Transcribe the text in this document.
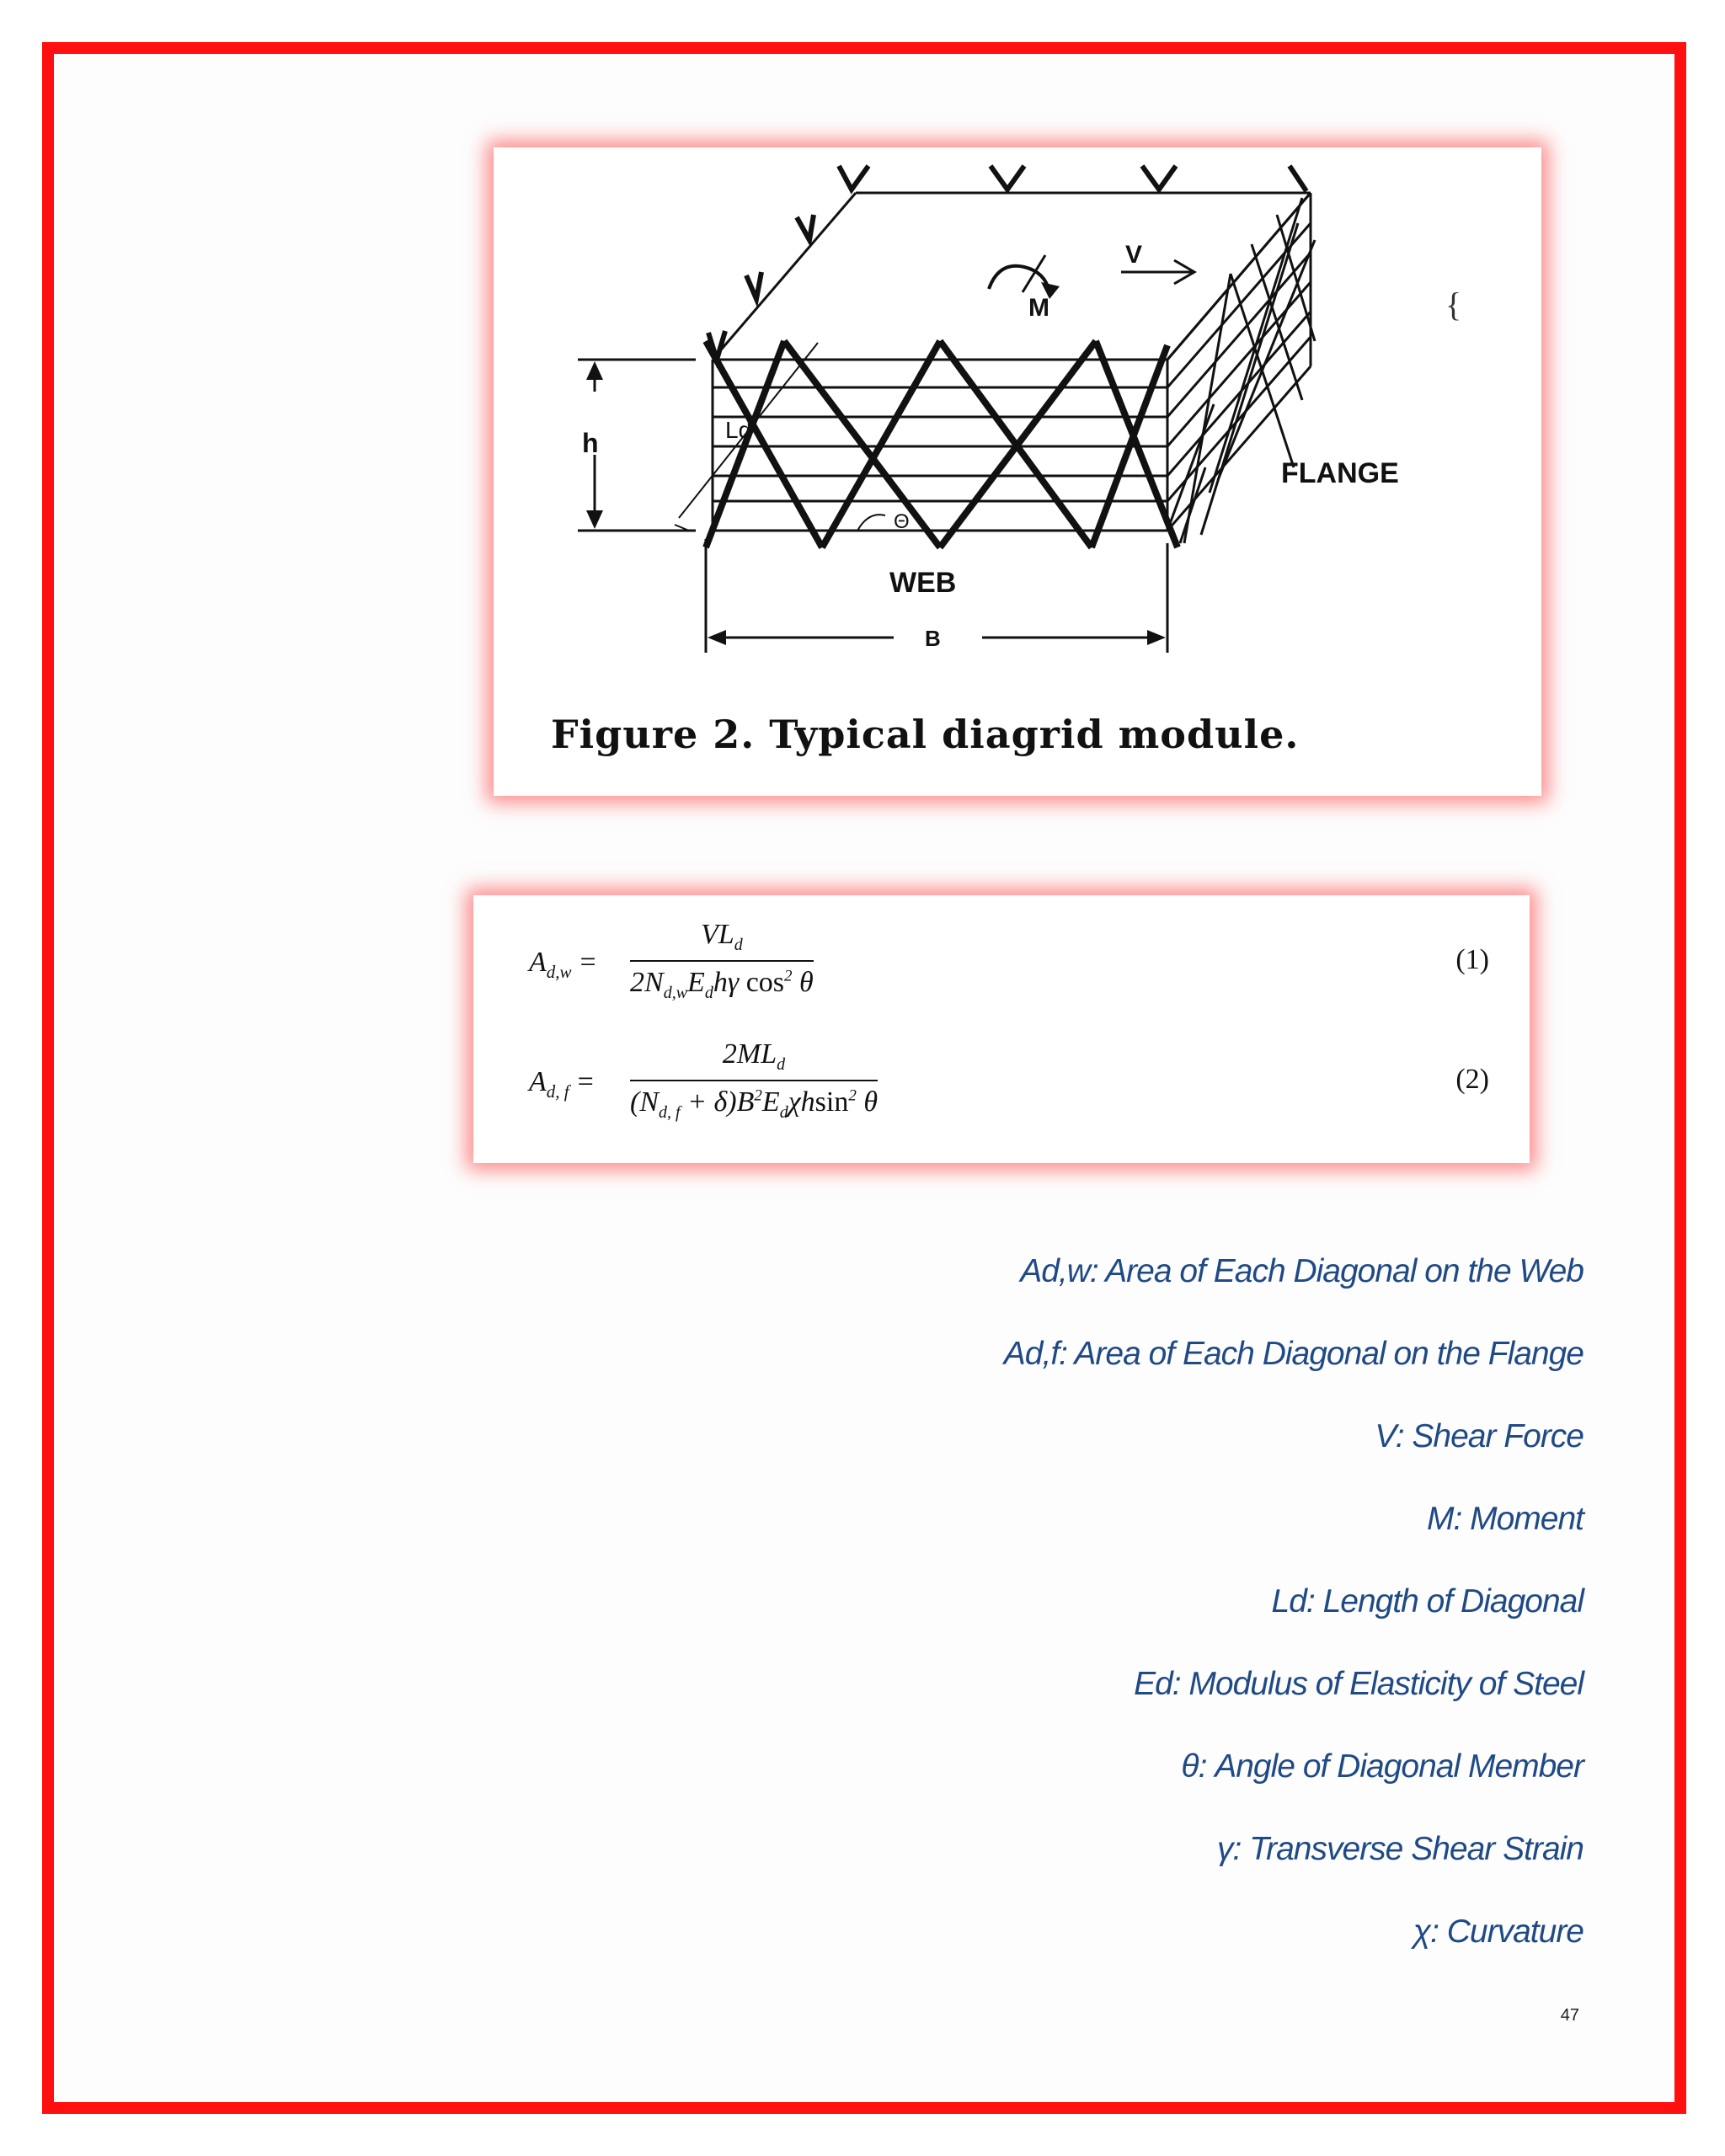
h	Ld
Θ
WEB
B
M
V
FLANGE
{
Figure 2. Typical diagrid module.
$A_{d,w}$ =
$VL_d$
$2N_{d,w}E_dh\gamma$ $\cos^2 \theta$
(1)
$A_{d, f}$ =
$2ML_d$
$(N_{d, f} + \delta)B^2E_d\chi hsin^2$ θ
(2)
Ad,w: Area of Each Diagonal on the Web
Ad,f: Area of Each Diagonal on the Flange
V: Shear Force
M: Moment
Ld: Length of Diagonal
Ed: Modulus of Elasticity of Steel
θ: Angle of Diagonal Member
γ: Transverse Shear Strain
χ: Curvature
47
